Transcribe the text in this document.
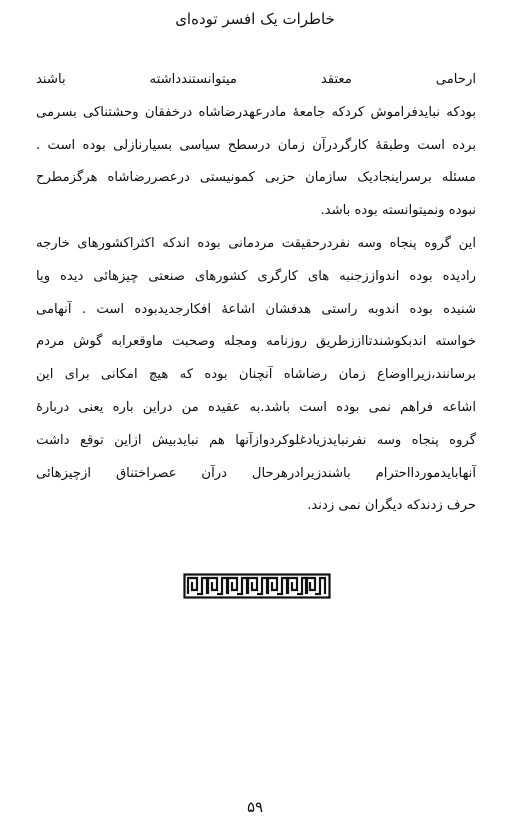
خاطرات یک افسر توده‌ای

ارحامی معتقد میتوانستندداشته باشند

بودکه نبایدفراموش کردکه جامعهٔ مادرعهدرضاشاه درخفقان وحشتناکی بسرمی

برده است وطبقهٔ کارگردرآن زمان درسطح سیاسی بسیارنازلی بوده است .

مسئله برسراینجادیک سازمان حزبی کمونیستی درعصررضاشاه هرگزمطرح

نبوده ونمیتوانسته بوده باشد.

این گروه پنجاه وسه نفردرحقیقت مردمانی بوده اندکه اکثراکشورهای خارجه

رادیده بوده اندواززجنبه های کارگری کشورهای صنعتی چیزهائی دیده ویا

شنیده بوده اندوبه راستی هدفشان اشاعهٔ افکارجدیدبوده است . آنهامی

خواسته اندبکوشندتااززطریق روزنامه ومجله وصحبت ماوقعرابه گوش مردم

برسانند،زیرااوضاع زمان رضاشاه آنچنان بوده که هیچ امکانی برای این

اشاعه فراهم نمی بوده است باشد.به عقیده من دراین باره یعنی دربارهٔ

گروه پنجاه وسه نفرنبایدزیادغلوکردوازآنها هم نبایدبیش ازاین توقع داشت

آنهابایدموردااحترام باشندزیرادرهرحال درآن عصراختناق ازچیزهائی

حرف زدندکه دیگران نمی زدند.

۵۹
